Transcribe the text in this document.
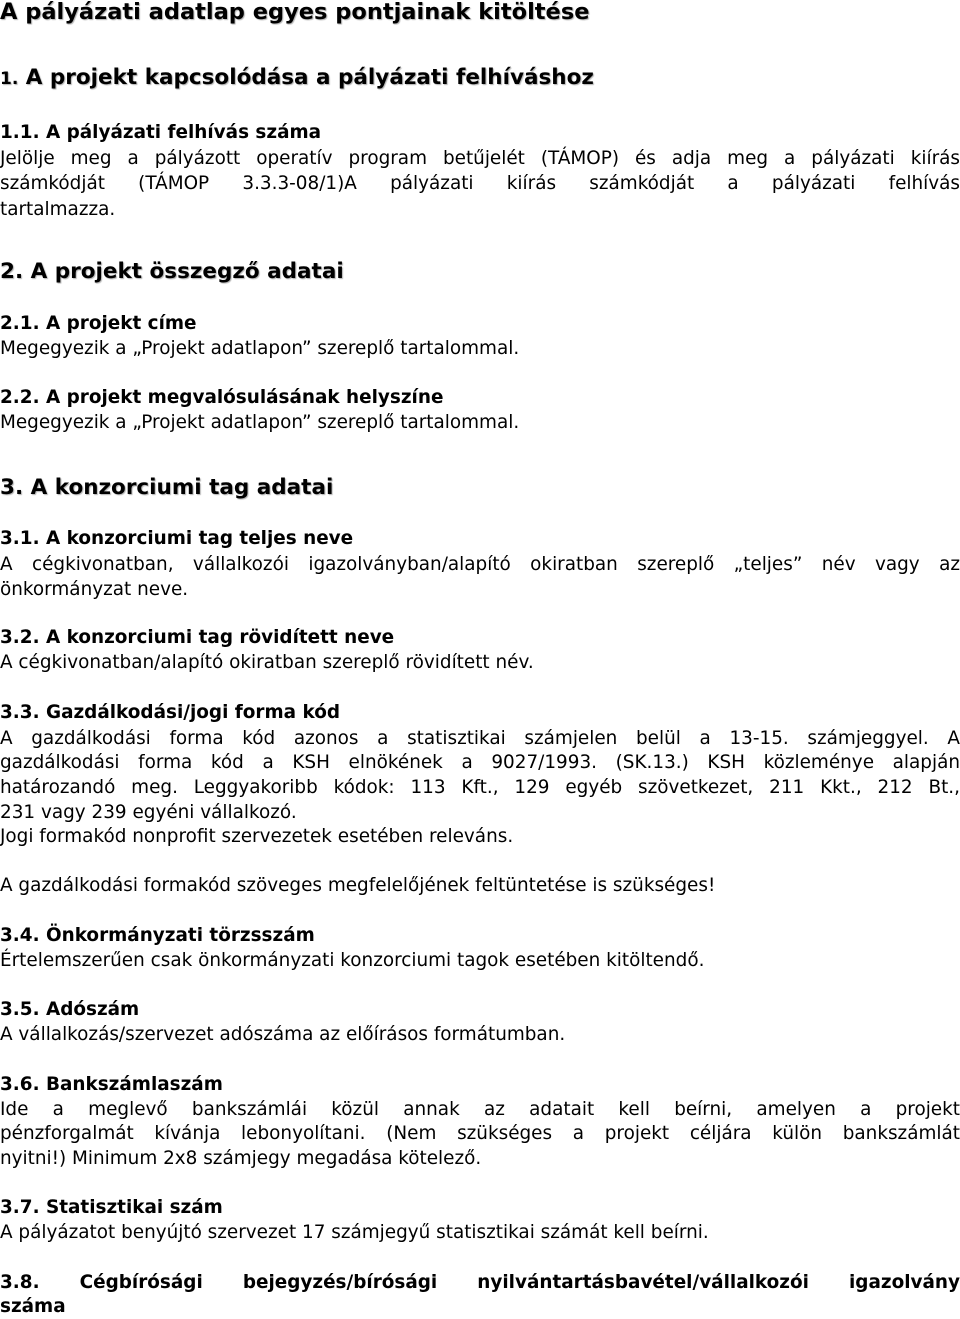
A pályázati adatlap egyes pontjainak kitöltése
1. A projekt kapcsolódása a pályázati felhíváshoz
1.1. A pályázati felhívás száma
Jelölje meg a pályázott operatív program betűjelét (TÁMOP) és adja meg a pályázati kiírás
számkódját (TÁMOP 3.3.3-08/1)A pályázati kiírás számkódját a pályázati felhívás
tartalmazza.
2. A projekt összegző adatai
2.1. A projekt címe
Megegyezik a „Projekt adatlapon” szereplő tartalommal.
2.2. A projekt megvalósulásának helyszíne
Megegyezik a „Projekt adatlapon” szereplő tartalommal.
3. A konzorciumi tag adatai
3.1. A konzorciumi tag teljes neve
A cégkivonatban, vállalkozói igazolványban/alapító okiratban szereplő „teljes” név vagy az
önkormányzat neve.
3.2. A konzorciumi tag rövidített neve
A cégkivonatban/alapító okiratban szereplő rövidített név.
3.3. Gazdálkodási/jogi forma kód
A gazdálkodási forma kód azonos a statisztikai számjelen belül a 13-15. számjeggyel. A
gazdálkodási forma kód a KSH elnökének a 9027/1993. (SK.13.) KSH közleménye alapján
határozandó meg. Leggyakoribb kódok: 113 Kft., 129 egyéb szövetkezet, 211 Kkt., 212 Bt.,
231 vagy 239 egyéni vállalkozó.
Jogi formakód nonprofit szervezetek esetében releváns.
A gazdálkodási formakód szöveges megfelelőjének feltüntetése is szükséges!
3.4. Önkormányzati törzsszám
Értelemszerűen csak önkormányzati konzorciumi tagok esetében kitöltendő.
3.5. Adószám
A vállalkozás/szervezet adószáma az előírásos formátumban.
3.6. Bankszámlaszám
Ide a meglevő bankszámlái közül annak az adatait kell beírni, amelyen a projekt
pénzforgalmát kívánja lebonyolítani. (Nem szükséges a projekt céljára külön bankszámlát
nyitni!) Minimum 2x8 számjegy megadása kötelező.
3.7. Statisztikai szám
A pályázatot benyújtó szervezet 17 számjegyű statisztikai számát kell beírni.
3.8. Cégbírósági bejegyzés/bírósági nyilvántartásbavétel/vállalkozói igazolvány
száma
